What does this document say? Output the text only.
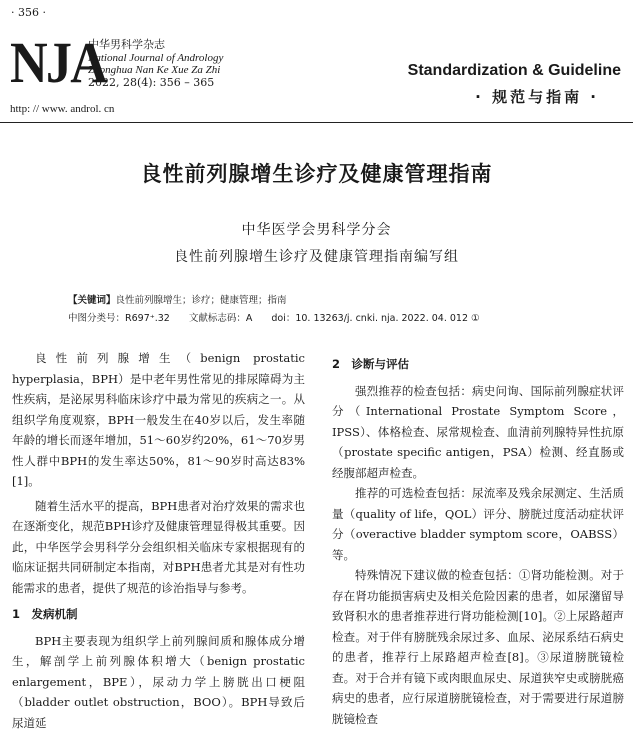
· 356 ·
NJA
中华男科学杂志
National Journal of Andrology
Zhonghua Nan Ke Xue Za Zhi
2022, 28(4): 356 – 365
http: // www. androl. cn
Standardization & Guideline
· 规范与指南 ·
良性前列腺增生诊疗及健康管理指南
中华医学会男科学分会
良性前列腺增生诊疗及健康管理指南编写组
【关键词】良性前列腺增生；诊疗；健康管理；指南
中图分类号：R697⁺.32   文献标志码：A   doi：10. 13263/j. cnki. nja. 2022. 04. 012 ①

良性前列腺增生（benign prostatic hyperplasia，BPH）是中老年男性常见的排尿障碍为主性疾病，是泌尿男科临床诊疗中最为常见的疾病之一。从组织学角度观察，BPH一般发生在40岁以后，发生率随年龄的增长而逐年增加，51～60岁约20%，61～70岁男性人群中BPH的发生率达50%，81～90岁时高达83%[1]。

随着生活水平的提高，BPH患者对治疗效果的需求也在逐渐变化，规范BPH诊疗及健康管理显得极其重要。因此，中华医学会男科学分会组织相关临床专家根据现有的临床证据共同研制定本指南，对BPH患者尤其是对有性功能需求的患者，提供了规范的诊治指导与参考。

1　发病机制

BPH主要表现为组织学上前列腺间质和腺体成分增生，解剖学上前列腺体积增大（benign prostatic enlargement，BPE），尿动力学上膀胱出口梗阻（bladder outlet obstruction，BOO）。BPH导致后尿道延

2　诊断与评估

强烈推荐的检查包括：病史问询、国际前列腺症状评分（International Prostate Symptom Score，IPSS）、体格检查、尿常规检查、血清前列腺特异性抗原（prostate specific antigen，PSA）检测、经直肠或经腹部超声检查。

推荐的可选检查包括：尿流率及残余尿测定、生活质量（quality of life，QOL）评分、膀胱过度活动症状评分（overactive bladder symptom score，OABSS）等。

特殊情况下建议做的检查包括：①肾功能检测。对于存在肾功能损害病史及相关危险因素的患者，如尿潴留导致肾积水的患者推荐进行肾功能检测[10]。②上尿路超声检查。对于伴有膀胱残余尿过多、血尿、泌尿系结石病史的患者，推荐行上尿路超声检查[8]。③尿道膀胱镜检查。对于合并有镜下或肉眼血尿史、尿道狭窄史或膀胱癌病史的患者，应行尿道膀胱镜检查，对于需要进行尿道膀胱镜检查
